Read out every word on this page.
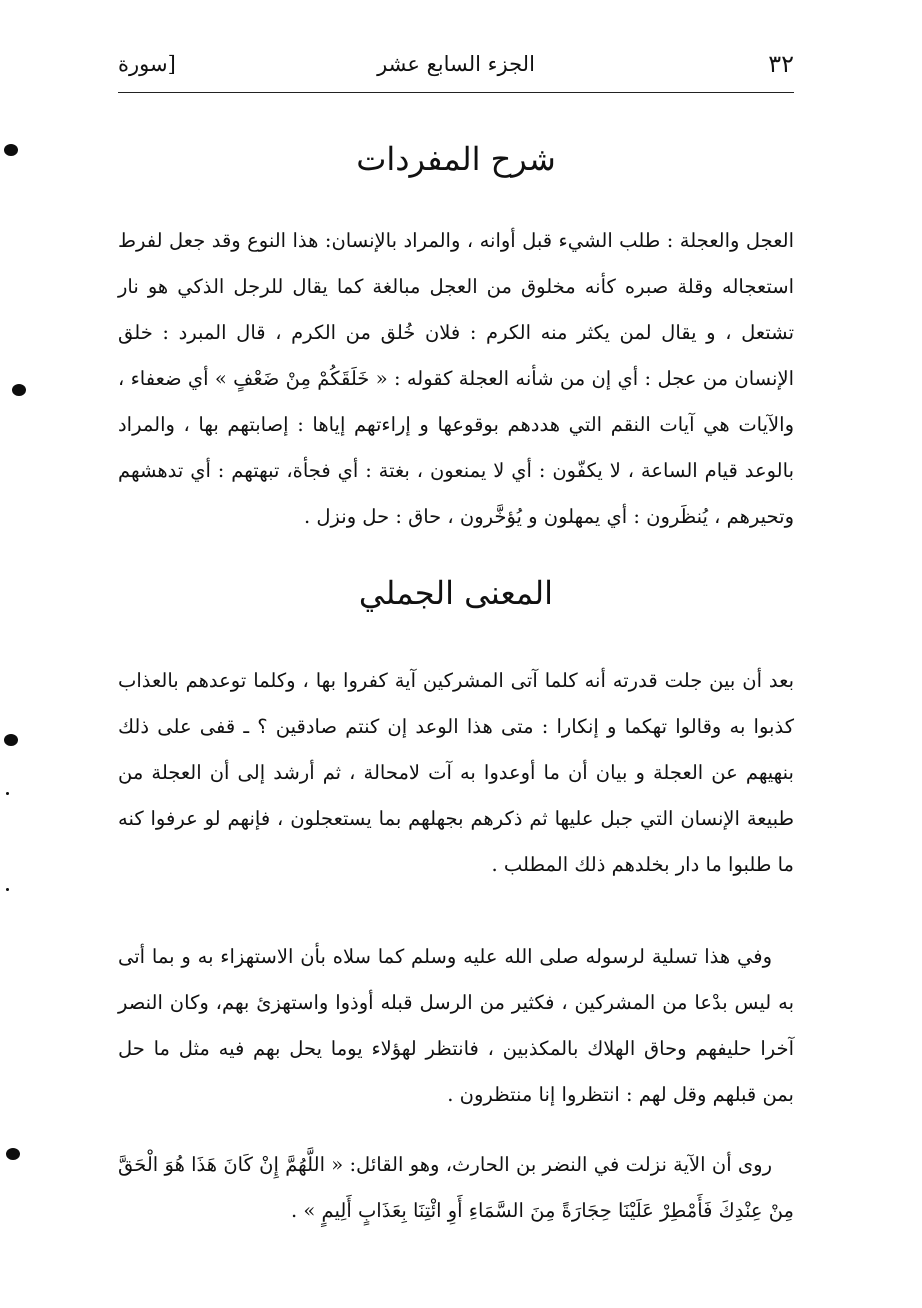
٣٢
الجزء السابع عشر
[سورة
شرح المفردات
العجل والعجلة : طلب الشيء قبل أوانه ، والمراد بالإنسان: هذا النوع وقد جعل لفرط استعجاله وقلة صبره كأنه مخلوق من العجل مبالغة كما يقال للرجل الذكي هو نار تشتعل ، و يقال لمن يكثر منه الكرم : فلان خُلق من الكرم ، قال المبرد : خلق الإنسان من عجل : أي إن من شأنه العجلة كقوله : « خَلَقَكُمْ مِنْ ضَعْفٍ » أي ضعفاء ، والآيات هي آيات النقم التي هددهم بوقوعها و إراءتهم إياها : إصابتهم بها ، والمراد بالوعد قيام الساعة ، لا يكفّون : أي لا يمنعون ، بغتة : أي فجأة، تبهتهم : أي تدهشهم وتحيرهم ، يُنظَرون : أي يمهلون و يُؤخَّرون ، حاق : حل ونزل .
المعنى الجملي
بعد أن بين جلت قدرته أنه كلما آتى المشركين آية كفروا بها ، وكلما توعدهم بالعذاب كذبوا به وقالوا تهكما و إنكارا : متى هذا الوعد إن كنتم صادقين ؟ ـ قفى على ذلك بنهيهم عن العجلة و بيان أن ما أوعدوا به آت لامحالة ، ثم أرشد إلى أن العجلة من طبيعة الإنسان التي جبل عليها ثم ذكرهم بجهلهم بما يستعجلون ، فإنهم لو عرفوا كنه ما طلبوا ما دار بخلدهم ذلك المطلب .
وفي هذا تسلية لرسوله صلى الله عليه وسلم كما سلاه بأن الاستهزاء به و بما أتى به ليس بدْعا من المشركين ، فكثير من الرسل قبله أوذوا واستهزئ بهم، وكان النصر آخرا حليفهم وحاق الهلاك بالمكذبين ، فانتظر لهؤلاء يوما يحل بهم فيه مثل ما حل بمن قبلهم وقل لهم : انتظروا إنا منتظرون .
روى أن الآية نزلت في النضر بن الحارث، وهو القائل: « اللَّهُمَّ إِنْ كَانَ هَذَا هُوَ الْحَقَّ مِنْ عِنْدِكَ فَأَمْطِرْ عَلَيْنَا حِجَارَةً مِنَ السَّمَاءِ أَوِ ائْتِنَا بِعَذَابٍ أَلِيمٍ » .
